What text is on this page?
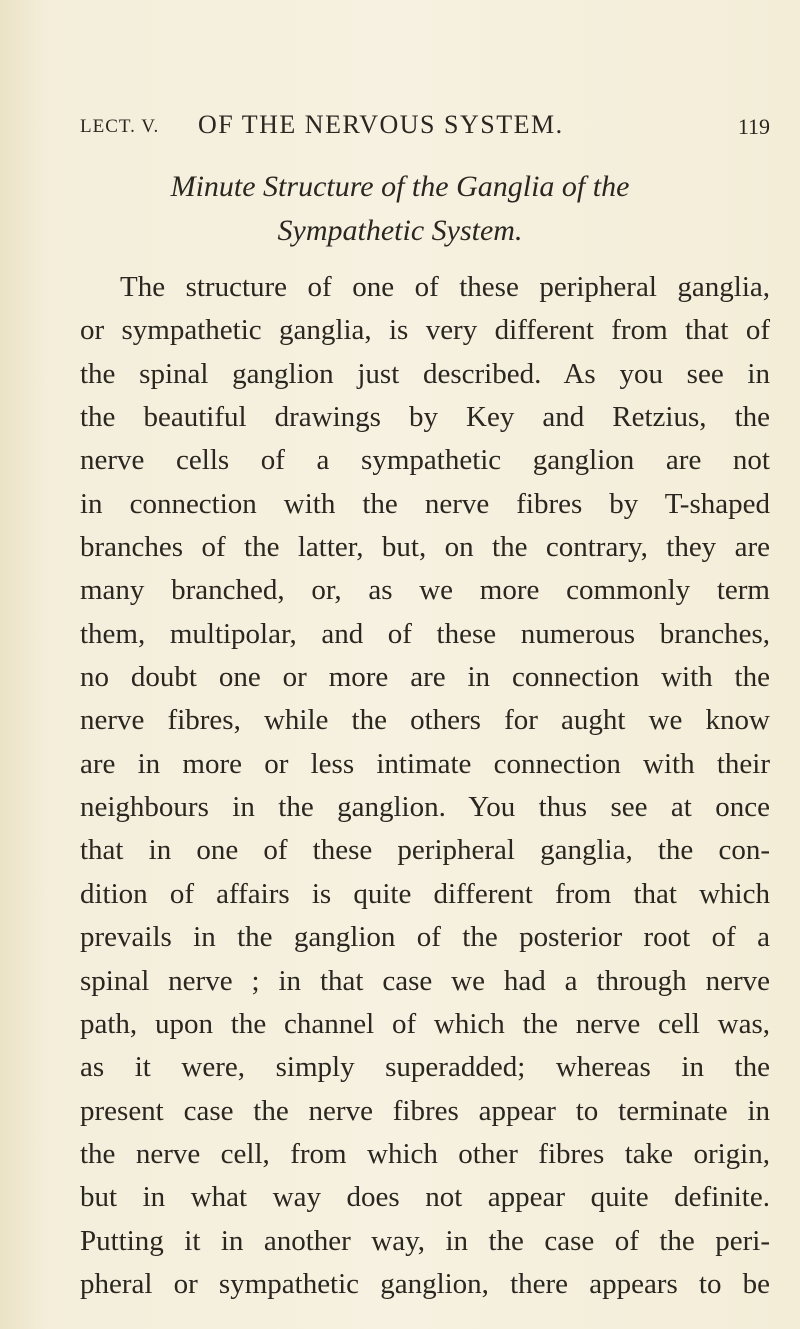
LECT. V. OF THE NERVOUS SYSTEM.	119
Minute Structure of the Ganglia of the
Sympathetic System.
The structure of one of these peripheral ganglia,
or sympathetic ganglia, is very different from that of
the spinal ganglion just described. As you see in
the beautiful drawings by Key and Retzius, the
nerve cells of a sympathetic ganglion are not
in connection with the nerve fibres by T-shaped
branches of the latter, but, on the contrary, they are
many branched, or, as we more commonly term
them, multipolar, and of these numerous branches,
no doubt one or more are in connection with the
nerve fibres, while the others for aught we know
are in more or less intimate connection with their
neighbours in the ganglion. You thus see at once
that in one of these peripheral ganglia, the con-
dition of affairs is quite different from that which
prevails in the ganglion of the posterior root of a
spinal nerve ; in that case we had a through nerve
path, upon the channel of which the nerve cell was,
as it were, simply superadded; whereas in the
present case the nerve fibres appear to terminate in
the nerve cell, from which other fibres take origin,
but in what way does not appear quite definite.
Putting it in another way, in the case of the peri-
pheral or sympathetic ganglion, there appears to be
